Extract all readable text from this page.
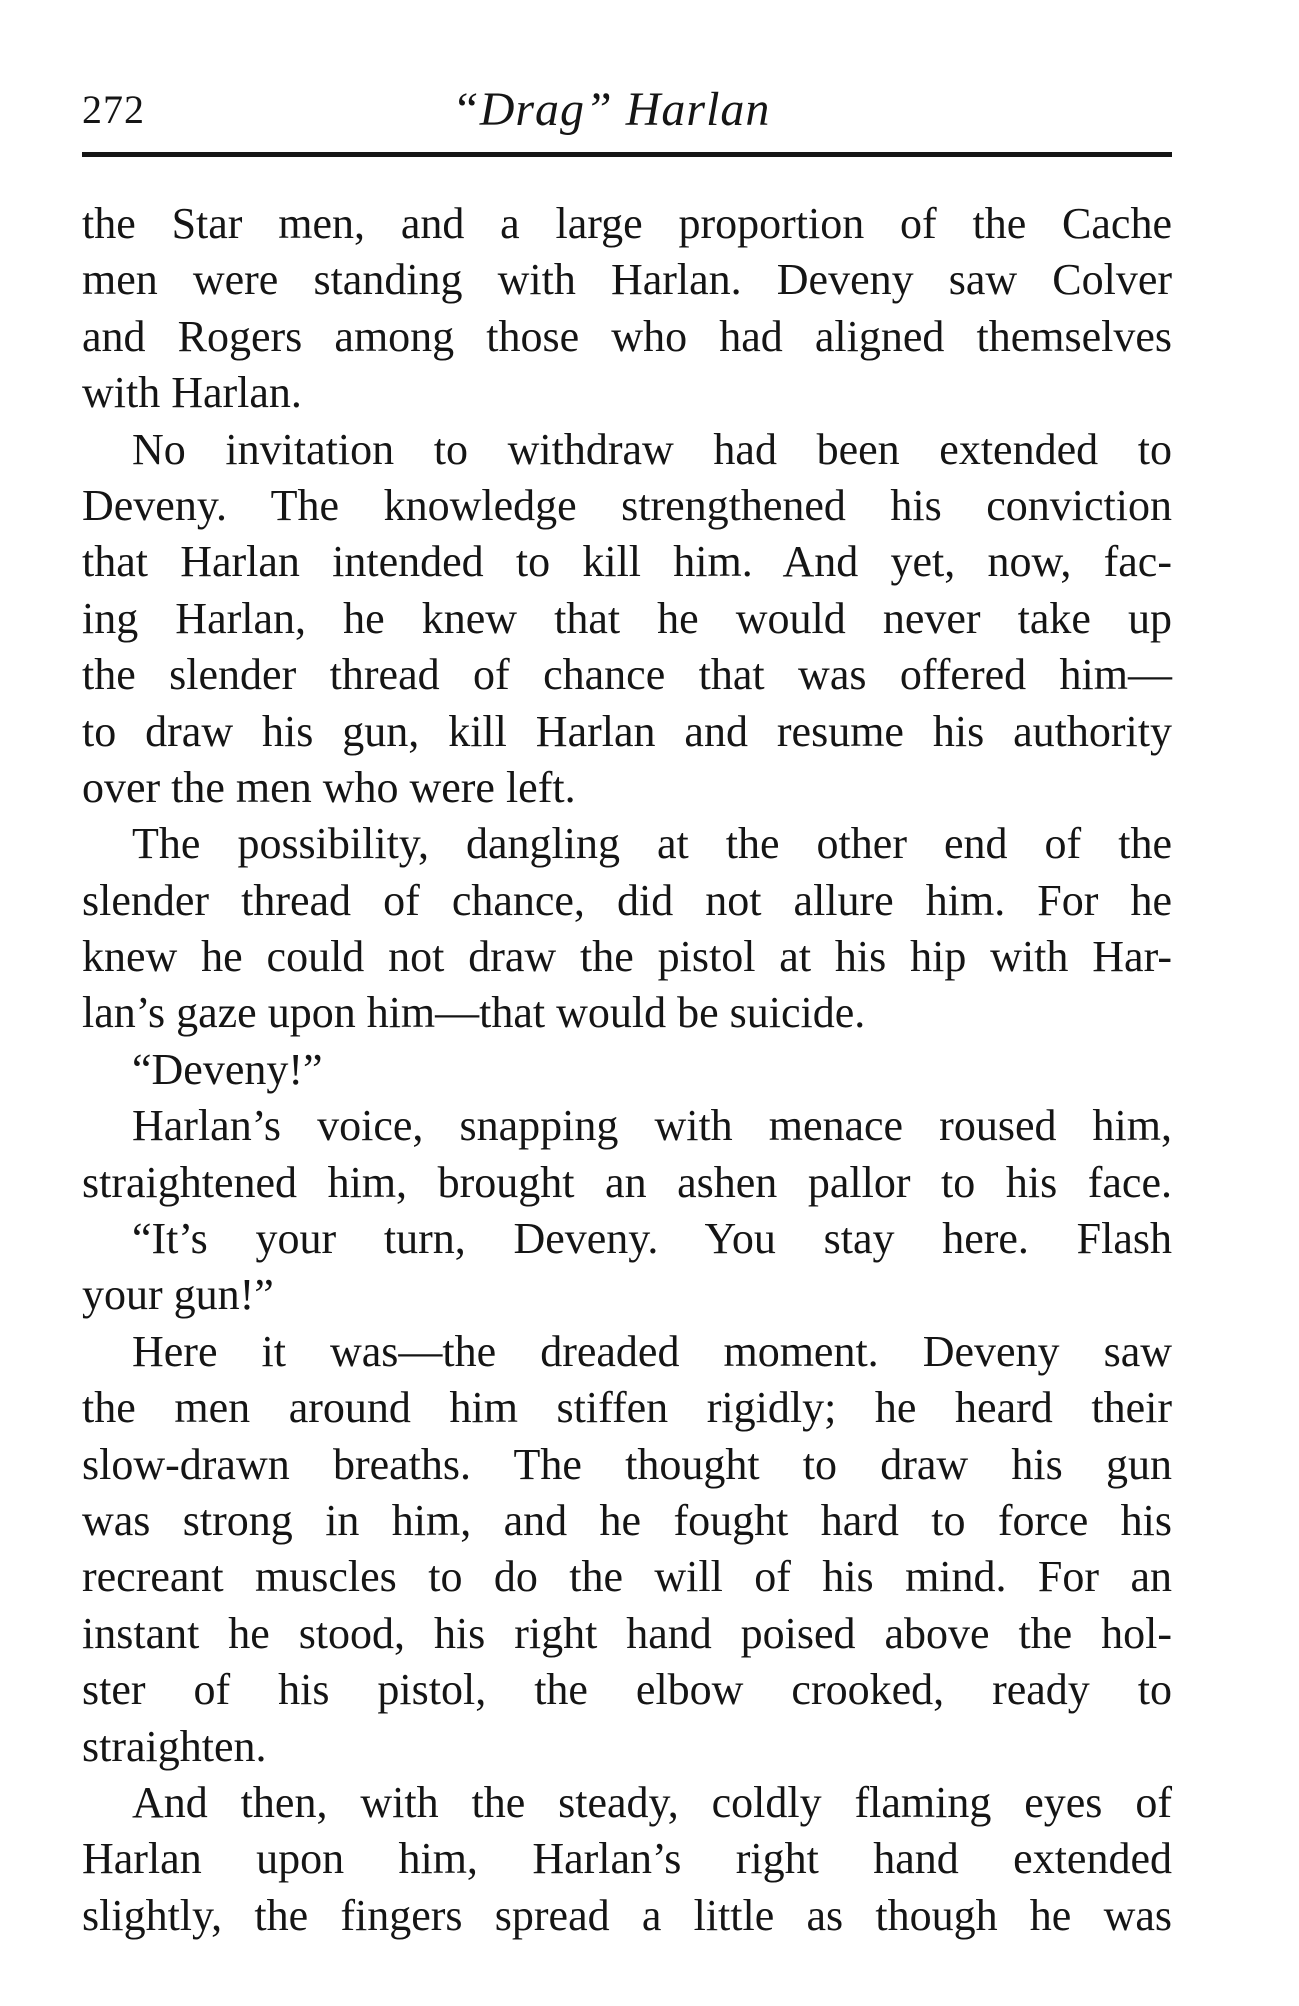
272	“Drag” Harlan
the Star men, and a large proportion of the Cache
men were standing with Harlan. Deveny saw Colver
and Rogers among those who had aligned themselves
with Harlan.
No invitation to withdraw had been extended to
Deveny. The knowledge strengthened his conviction
that Harlan intended to kill him. And yet, now, fac-
ing Harlan, he knew that he would never take up
the slender thread of chance that was offered him—
to draw his gun, kill Harlan and resume his authority
over the men who were left.
The possibility, dangling at the other end of the
slender thread of chance, did not allure him. For he
knew he could not draw the pistol at his hip with Har-
lan’s gaze upon him—that would be suicide.
“Deveny!”
Harlan’s voice, snapping with menace roused him,
straightened him, brought an ashen pallor to his face.
“It’s your turn, Deveny. You stay here. Flash
your gun!”
Here it was—the dreaded moment. Deveny saw
the men around him stiffen rigidly; he heard their
slow-drawn breaths. The thought to draw his gun
was strong in him, and he fought hard to force his
recreant muscles to do the will of his mind. For an
instant he stood, his right hand poised above the hol-
ster of his pistol, the elbow crooked, ready to
straighten.
And then, with the steady, coldly flaming eyes of
Harlan upon him, Harlan’s right hand extended
slightly, the fingers spread a little as though he was
